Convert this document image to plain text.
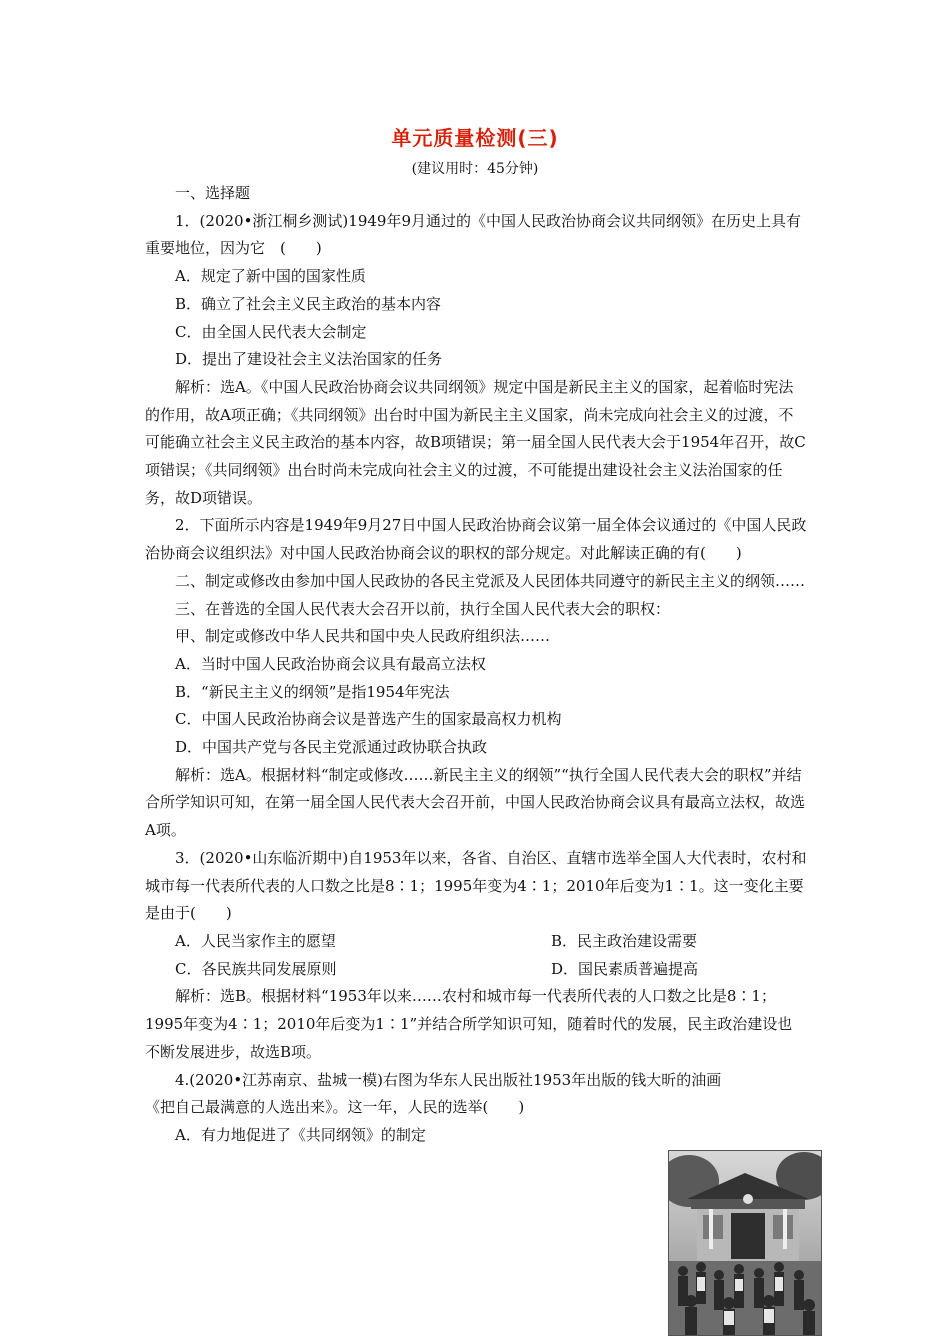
单元质量检测(三)
(建议用时：45分钟)

一、选择题

1．(2020•浙江桐乡测试)1949年9月通过的《中国人民政治协商会议共同纲领》在历史上具有重要地位，因为它　(　　)

A．规定了新中国的国家性质

B．确立了社会主义民主政治的基本内容

C．由全国人民代表大会制定

D．提出了建设社会主义法治国家的任务

解析：选A。《中国人民政治协商会议共同纲领》规定中国是新民主主义的国家，起着临时宪法的作用，故A项正确；《共同纲领》出台时中国为新民主主义国家，尚未完成向社会主义的过渡，不可能确立社会主义民主政治的基本内容，故B项错误；第一届全国人民代表大会于1954年召开，故C项错误；《共同纲领》出台时尚未完成向社会主义的过渡，不可能提出建设社会主义法治国家的任务，故D项错误。

2．下面所示内容是1949年9月27日中国人民政治协商会议第一届全体会议通过的《中国人民政治协商会议组织法》对中国人民政治协商会议的职权的部分规定。对此解读正确的有(　　)

二、制定或修改由参加中国人民政协的各民主党派及人民团体共同遵守的新民主主义的纲领……

三、在普选的全国人民代表大会召开以前，执行全国人民代表大会的职权：

甲、制定或修改中华人民共和国中央人民政府组织法……

A．当时中国人民政治协商会议具有最高立法权

B．“新民主主义的纲领”是指1954年宪法

C．中国人民政治协商会议是普选产生的国家最高权力机构

D．中国共产党与各民主党派通过政协联合执政

解析：选A。根据材料“制定或修改……新民主主义的纲领”“执行全国人民代表大会的职权”并结合所学知识可知，在第一届全国人民代表大会召开前，中国人民政治协商会议具有最高立法权，故选A项。

3．(2020•山东临沂期中)自1953年以来，各省、自治区、直辖市选举全国人大代表时，农村和城市每一代表所代表的人口数之比是8∶1；1995年变为4∶1；2010年后变为1∶1。这一变化主要是由于(　　)

A．人民当家作主的愿望	B．民主政治建设需要
C．各民族共同发展原则	D．国民素质普遍提高

解析：选B。根据材料“1953年以来……农村和城市每一代表所代表的人口数之比是8∶1；1995年变为4∶1；2010年后变为1∶1”并结合所学知识可知，随着时代的发展，民主政治建设也不断发展进步，故选B项。

4.(2020•江苏南京、盐城一模)右图为华东人民出版社1953年出版的钱大昕的油画

《把自己最满意的人选出来》。这一年，人民的选举(　　)

A．有力地促进了《共同纲领》的制定
